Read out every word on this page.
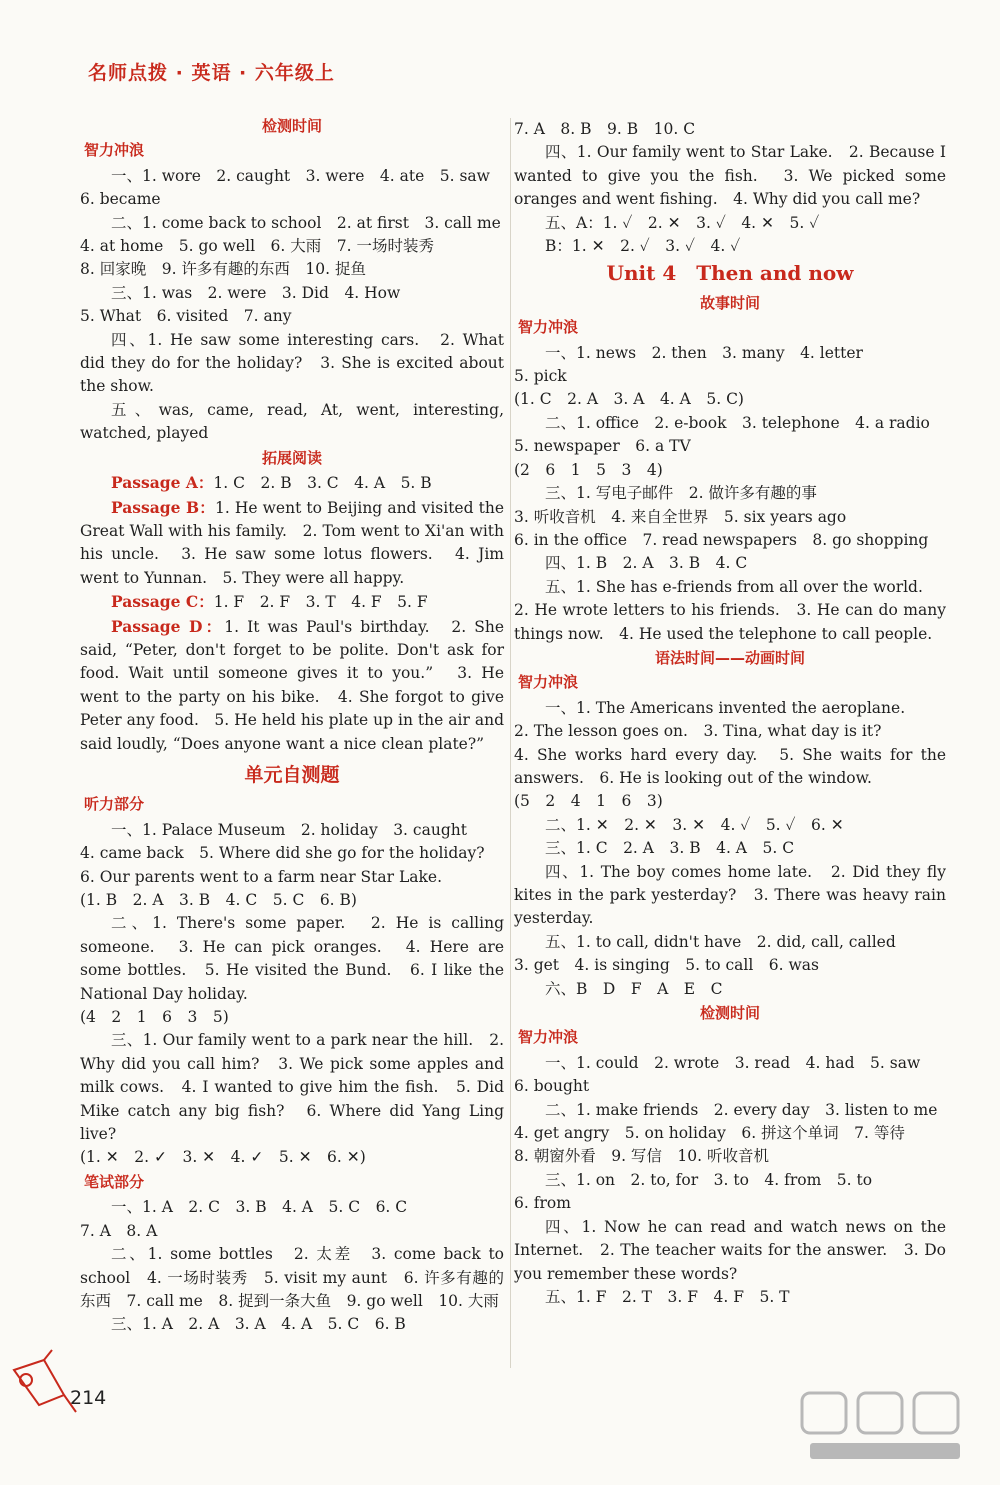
名师点拨 · 英语 · 六年级上
检测时间
智力冲浪
一、1. wore　2. caught　3. were　4. ate　5. saw
6. became
二、1. come back to school　2. at first　3. call me
4. at home　5. go well　6. 大雨　7. 一场时装秀
8. 回家晚　9. 许多有趣的东西　10. 捉鱼
三、1. was　2. were　3. Did　4. How
5. What　6. visited　7. any
四、1. He saw some interesting cars.　2. What did they do for the holiday?　3. She is excited about the show.
五、was, came, read, At, went, interesting, watched, played
拓展阅读
Passage A：1. C　2. B　3. C　4. A　5. B
Passage B：1. He went to Beijing and visited the Great Wall with his family.　2. Tom went to Xi'an with his uncle.　3. He saw some lotus flowers.　4. Jim went to Yunnan.　5. They were all happy.
Passage C：1. F　2. F　3. T　4. F　5. F
Passage D：1. It was Paul's birthday.　2. She said, “Peter, don't forget to be polite. Don't ask for food. Wait until someone gives it to you.”　3. He went to the party on his bike.　4. She forgot to give Peter any food.　5. He held his plate up in the air and said loudly, “Does anyone want a nice clean plate?”
单元自测题
听力部分
一、1. Palace Museum　2. holiday　3. caught
4. came back　5. Where did she go for the holiday?
6. Our parents went to a farm near Star Lake.
(1. B　2. A　3. B　4. C　5. C　6. B)
二、1. There's some paper.　2. He is calling someone.　3. He can pick oranges.　4. Here are some bottles.　5. He visited the Bund.　6. I like the National Day holiday.
(4　2　1　6　3　5)
三、1. Our family went to a park near the hill.　2. Why did you call him?　3. We pick some apples and milk cows.　4. I wanted to give him the fish.　5. Did Mike catch any big fish?　6. Where did Yang Ling live?
(1. ✕　2. ✓　3. ✕　4. ✓　5. ✕　6. ✕)
笔试部分
一、1. A　2. C　3. B　4. A　5. C　6. C
7. A　8. A
二、1. some bottles　2. 太差　3. come back to school　4. 一场时装秀　5. visit my aunt　6. 许多有趣的东西　7. call me　8. 捉到一条大鱼　9. go well　10. 大雨
三、1. A　2. A　3. A　4. A　5. C　6. B
7. A　8. B　9. B　10. C
四、1. Our family went to Star Lake.　2. Because I wanted to give you the fish.　3. We picked some oranges and went fishing.　4. Why did you call me?
五、A：1. ✓　2. ✕　3. ✓　4. ✕　5. ✓
B：1. ✕　2. ✓　3. ✓　4. ✓
Unit 4　Then and now
故事时间
智力冲浪
一、1. news　2. then　3. many　4. letter
5. pick
(1. C　2. A　3. A　4. A　5. C)
二、1. office　2. e-book　3. telephone　4. a radio
5. newspaper　6. a TV
(2　6　1　5　3　4)
三、1. 写电子邮件　2. 做许多有趣的事
3. 听收音机　4. 来自全世界　5. six years ago
6. in the office　7. read newspapers　8. go shopping
四、1. B　2. A　3. B　4. C
五、1. She has e-friends from all over the world.
2. He wrote letters to his friends.　3. He can do many things now.　4. He used the telephone to call people.
语法时间——动画时间
智力冲浪
一、1. The Americans invented the aeroplane.
2. The lesson goes on.　3. Tina, what day is it?
4. She works hard every day.　5. She waits for the answers.　6. He is looking out of the window.
(5　2　4　1　6　3)
二、1. ✕　2. ✕　3. ✕　4. ✓　5. ✓　6. ✕
三、1. C　2. A　3. B　4. A　5. C
四、1. The boy comes home late.　2. Did they fly kites in the park yesterday?　3. There was heavy rain yesterday.
五、1. to call, didn't have　2. did, call, called
3. get　4. is singing　5. to call　6. was
六、B　D　F　A　E　C
检测时间
智力冲浪
一、1. could　2. wrote　3. read　4. had　5. saw
6. bought
二、1. make friends　2. every day　3. listen to me
4. get angry　5. on holiday　6. 拼这个单词　7. 等待
8. 朝窗外看　9. 写信　10. 听收音机
三、1. on　2. to, for　3. to　4. from　5. to
6. from
四、1. Now he can read and watch news on the Internet.　2. The teacher waits for the answer.　3. Do you remember these words?
五、1. F　2. T　3. F　4. F　5. T
214
